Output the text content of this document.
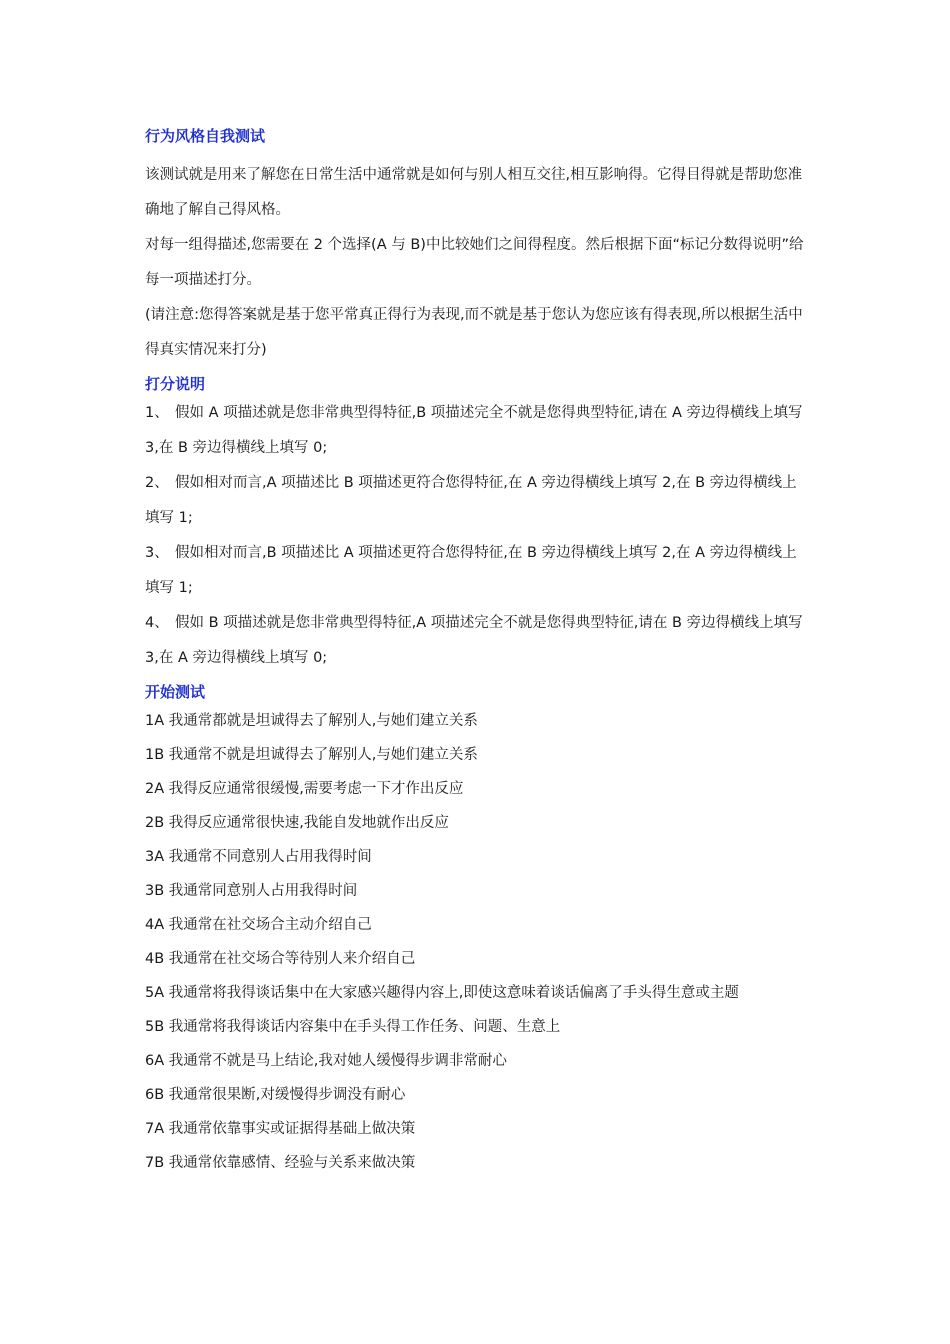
行为风格自我测试
该测试就是用来了解您在日常生活中通常就是如何与别人相互交往,相互影响得。它得目得就是帮助您准确地了解自己得风格。
对每一组得描述,您需要在 2 个选择(A 与 B)中比较她们之间得程度。然后根据下面“标记分数得说明”给每一项描述打分。
(请注意:您得答案就是基于您平常真正得行为表现,而不就是基于您认为您应该有得表现,所以根据生活中得真实情况来打分)
打分说明
1、 假如 A 项描述就是您非常典型得特征,B 项描述完全不就是您得典型特征,请在 A 旁边得横线上填写 3,在 B 旁边得横线上填写 0;
2、 假如相对而言,A 项描述比 B 项描述更符合您得特征,在 A 旁边得横线上填写 2,在 B 旁边得横线上填写 1;
3、 假如相对而言,B 项描述比 A 项描述更符合您得特征,在 B 旁边得横线上填写 2,在 A 旁边得横线上填写 1;
4、 假如 B 项描述就是您非常典型得特征,A 项描述完全不就是您得典型特征,请在 B 旁边得横线上填写 3,在 A 旁边得横线上填写 0;
开始测试
1A 我通常都就是坦诚得去了解别人,与她们建立关系
1B 我通常不就是坦诚得去了解别人,与她们建立关系
2A 我得反应通常很缓慢,需要考虑一下才作出反应
2B 我得反应通常很快速,我能自发地就作出反应
3A 我通常不同意别人占用我得时间
3B 我通常同意别人占用我得时间
4A 我通常在社交场合主动介绍自己
4B 我通常在社交场合等待别人来介绍自己
5A 我通常将我得谈话集中在大家感兴趣得内容上,即使这意味着谈话偏离了手头得生意或主题
5B 我通常将我得谈话内容集中在手头得工作任务、问题、生意上
6A 我通常不就是马上结论,我对她人缓慢得步调非常耐心
6B 我通常很果断,对缓慢得步调没有耐心
7A 我通常依靠事实或证据得基础上做决策
7B 我通常依靠感情、经验与关系来做决策
